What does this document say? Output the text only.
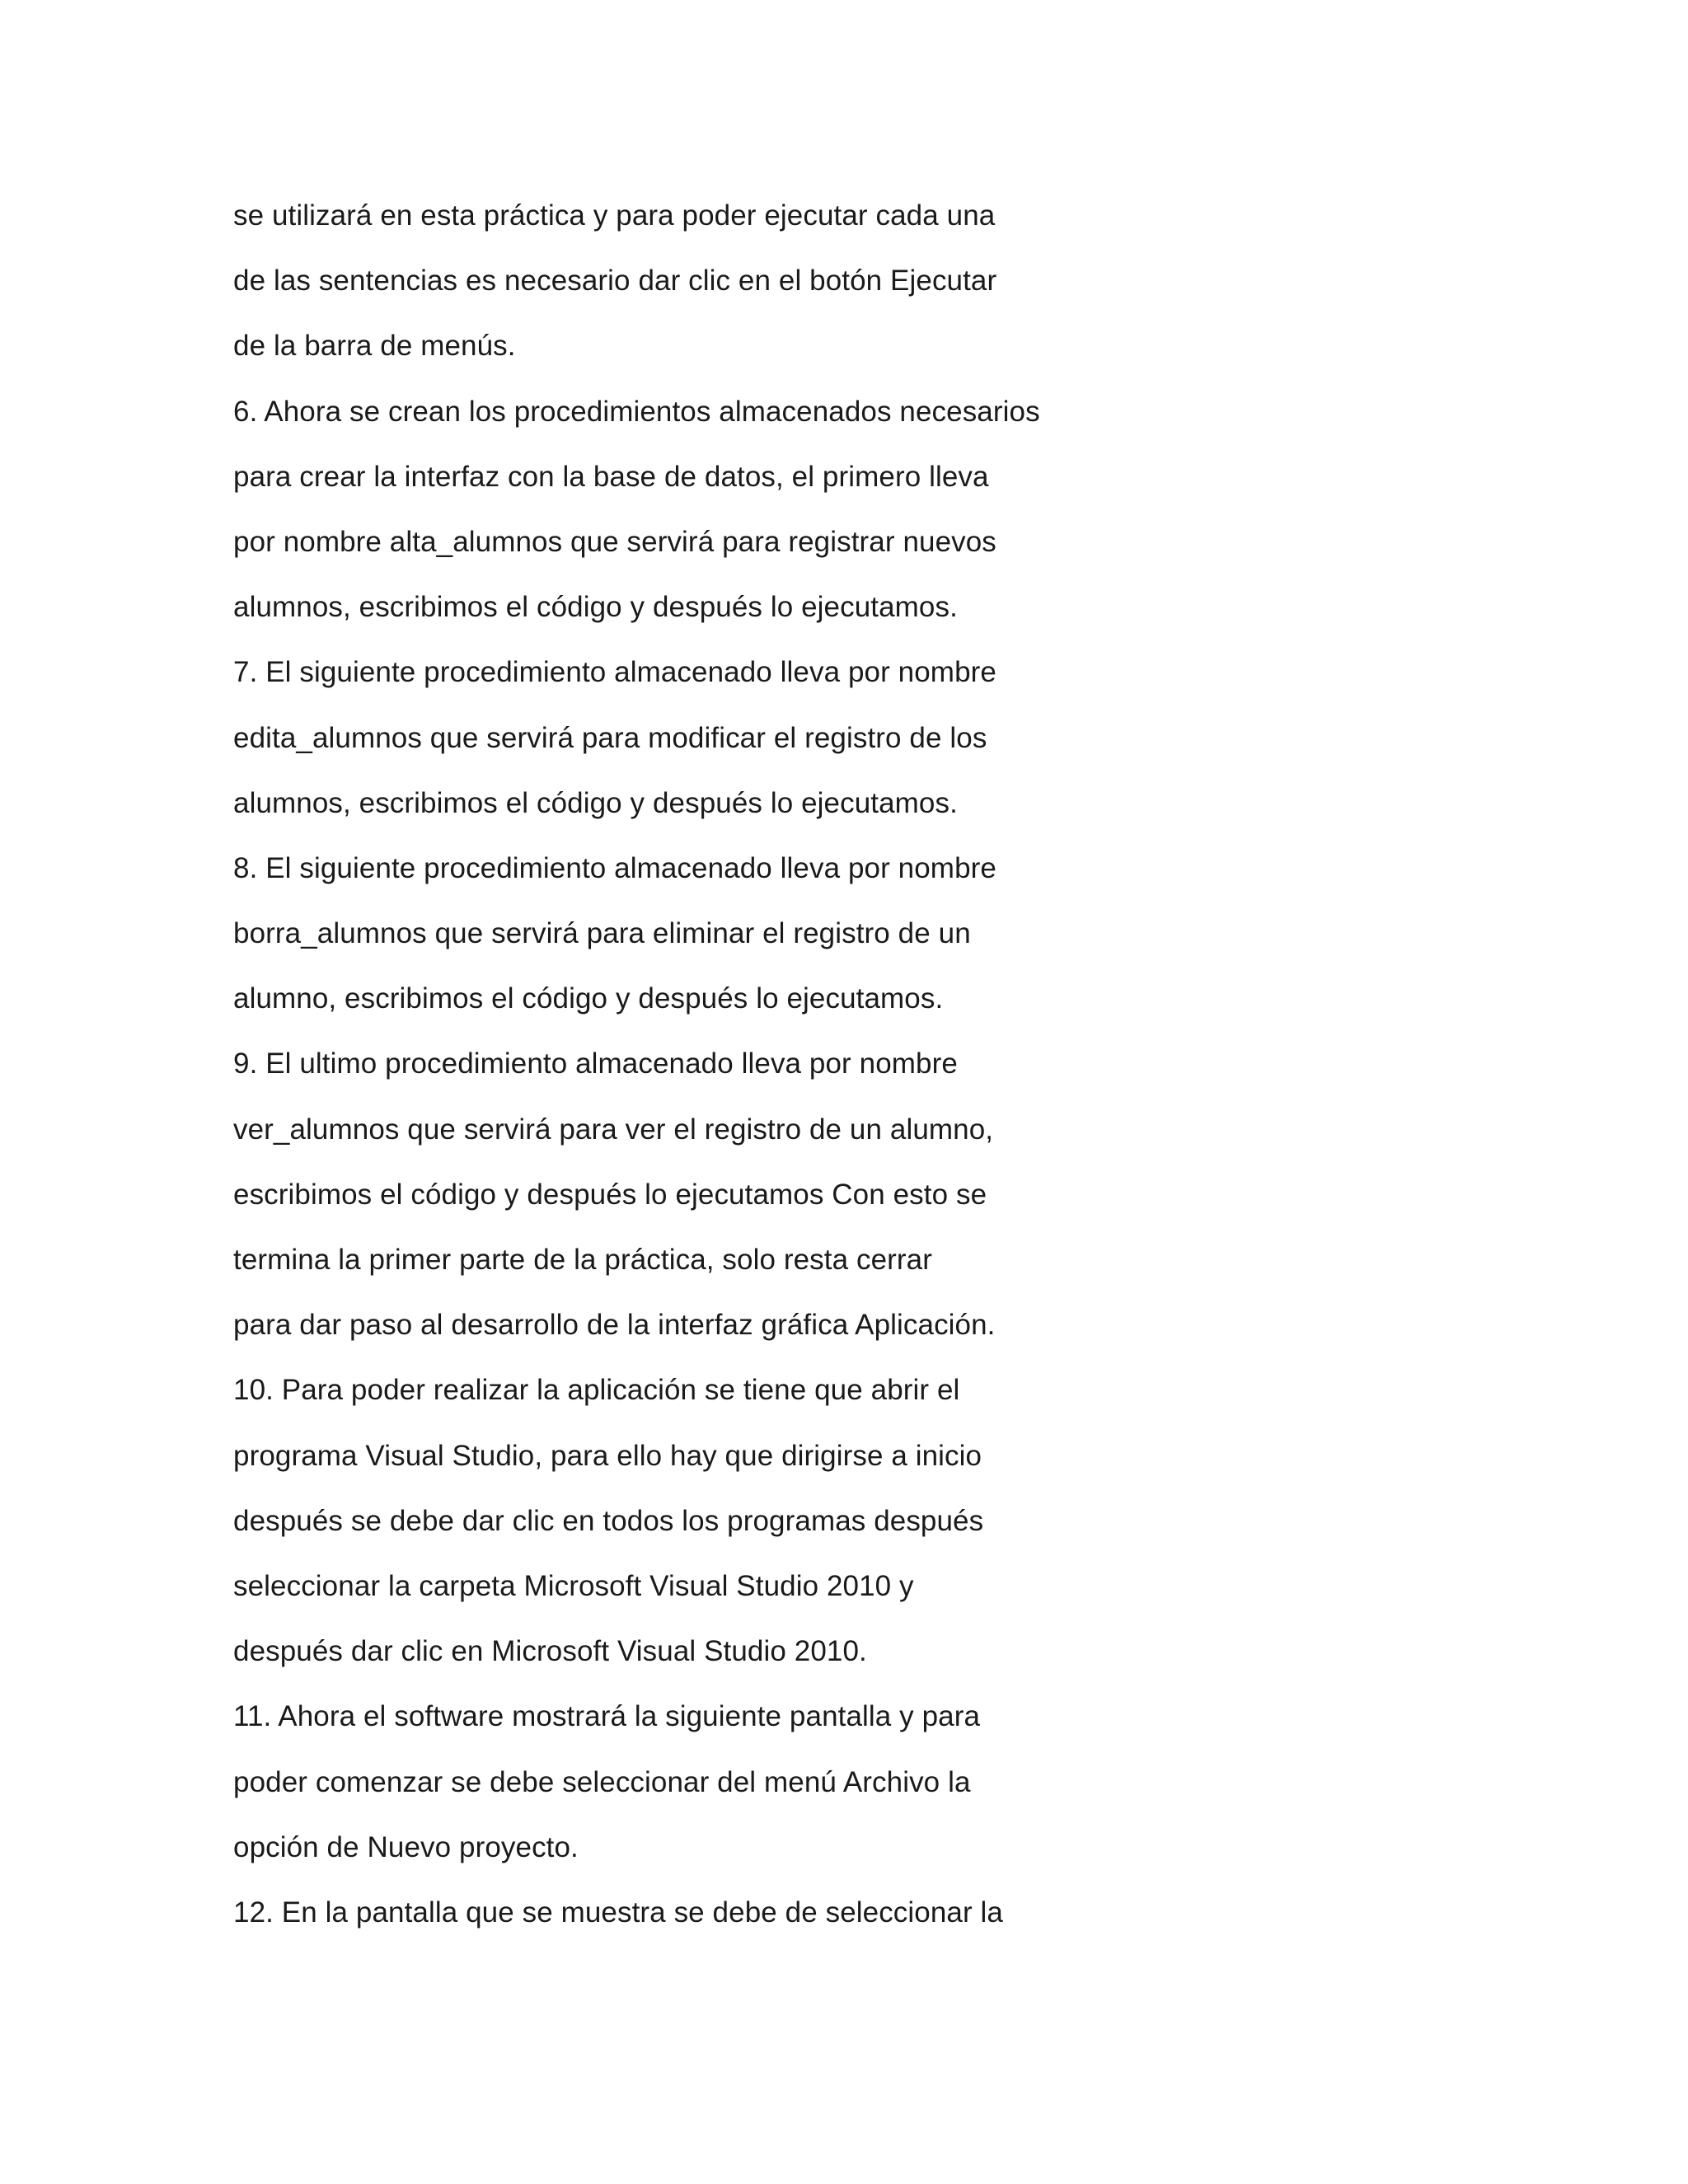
se utilizará en esta práctica y para poder ejecutar cada una
de las sentencias es necesario dar clic en el botón Ejecutar
de la barra de menús.
6. Ahora se crean los procedimientos almacenados necesarios
para crear la interfaz con la base de datos, el primero lleva
por nombre alta_alumnos que servirá para registrar nuevos
alumnos, escribimos el código y después lo ejecutamos.
7. El siguiente procedimiento almacenado lleva por nombre
edita_alumnos que servirá para modificar el registro de los
alumnos, escribimos el código y después lo ejecutamos.
8. El siguiente procedimiento almacenado lleva por nombre
borra_alumnos que servirá para eliminar el registro de un
alumno, escribimos el código y después lo ejecutamos.
9. El ultimo procedimiento almacenado lleva por nombre
ver_alumnos que servirá para ver el registro de un alumno,
escribimos el código y después lo ejecutamos Con esto se
termina la primer parte de la práctica, solo resta cerrar
para dar paso al desarrollo de la interfaz gráfica Aplicación.
10. Para poder realizar la aplicación se tiene que abrir el
programa Visual Studio, para ello hay que dirigirse a inicio
después se debe dar clic en todos los programas después
seleccionar la carpeta Microsoft Visual Studio 2010 y
después dar clic en Microsoft Visual Studio 2010.
11. Ahora el software mostrará la siguiente pantalla y para
poder comenzar se debe seleccionar del menú Archivo la
opción de Nuevo proyecto.
12. En la pantalla que se muestra se debe de seleccionar la
